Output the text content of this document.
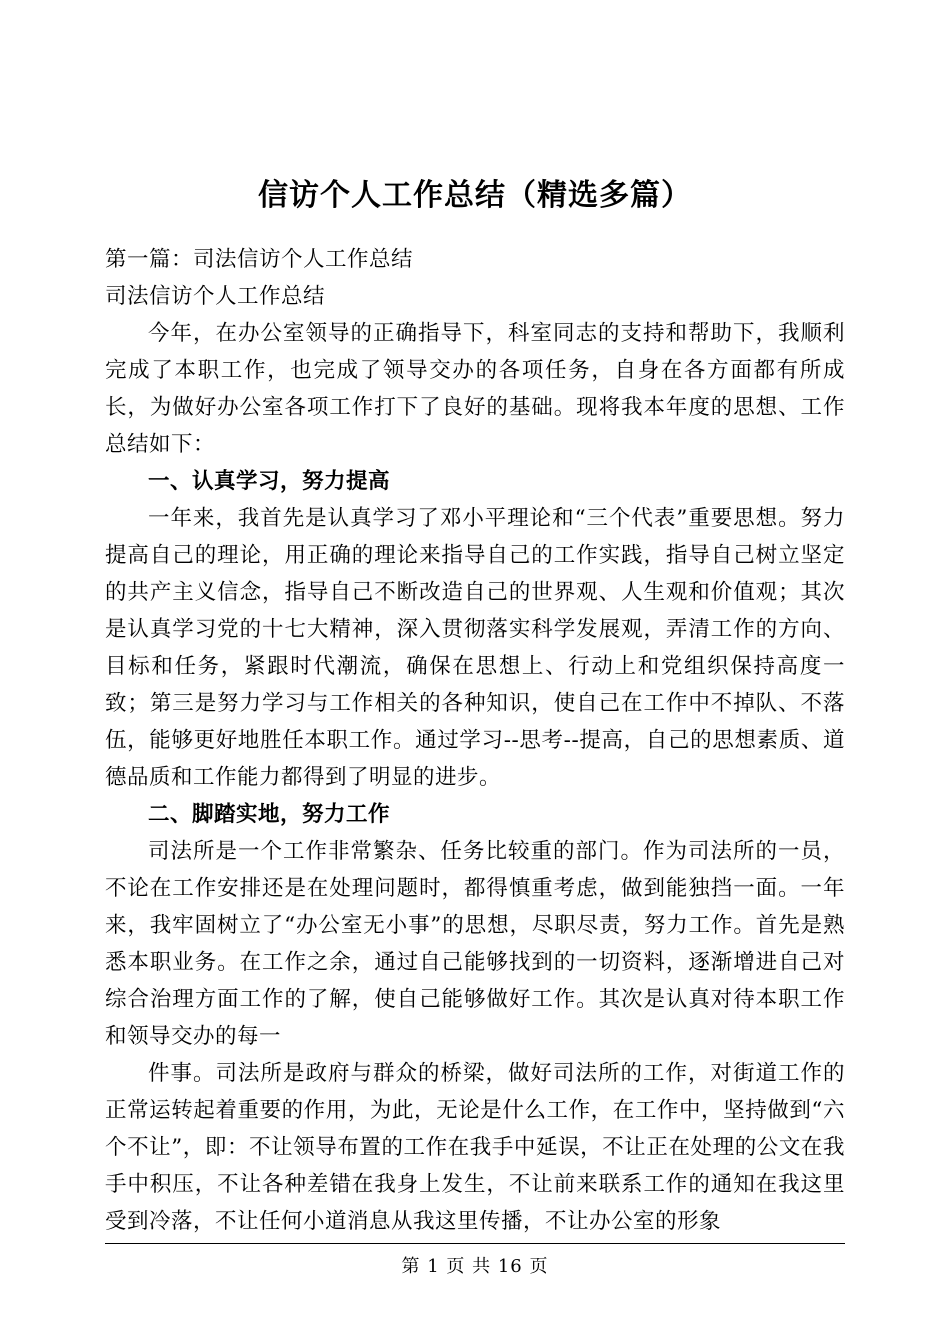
信访个人工作总结（精选多篇）

第一篇：司法信访个人工作总结

司法信访个人工作总结

今年，在办公室领导的正确指导下，科室同志的支持和帮助下，我顺利完成了本职工作，也完成了领导交办的各项任务，自身在各方面都有所成长，为做好办公室各项工作打下了良好的基础。现将我本年度的思想、工作总结如下：

一、认真学习，努力提高

一年来，我首先是认真学习了邓小平理论和“三个代表”重要思想。努力提高自己的理论，用正确的理论来指导自己的工作实践，指导自己树立坚定的共产主义信念，指导自己不断改造自己的世界观、人生观和价值观；其次是认真学习党的十七大精神，深入贯彻落实科学发展观，弄清工作的方向、目标和任务，紧跟时代潮流，确保在思想上、行动上和党组织保持高度一致；第三是努力学习与工作相关的各种知识，使自己在工作中不掉队、不落伍，能够更好地胜任本职工作。通过学习--思考--提高，自己的思想素质、道德品质和工作能力都得到了明显的进步。

二、脚踏实地，努力工作

司法所是一个工作非常繁杂、任务比较重的部门。作为司法所的一员，不论在工作安排还是在处理问题时，都得慎重考虑，做到能独挡一面。一年来，我牢固树立了“办公室无小事”的思想，尽职尽责，努力工作。首先是熟悉本职业务。在工作之余，通过自己能够找到的一切资料，逐渐增进自己对综合治理方面工作的了解，使自己能够做好工作。其次是认真对待本职工作和领导交办的每一

件事。司法所是政府与群众的桥梁，做好司法所的工作，对街道工作的正常运转起着重要的作用，为此，无论是什么工作，在工作中，坚持做到“六个不让”，即：不让领导布置的工作在我手中延误，不让正在处理的公文在我手中积压，不让各种差错在我身上发生，不让前来联系工作的通知在我这里受到冷落，不让任何小道消息从我这里传播，不让办公室的形象

第 1 页 共 16 页
